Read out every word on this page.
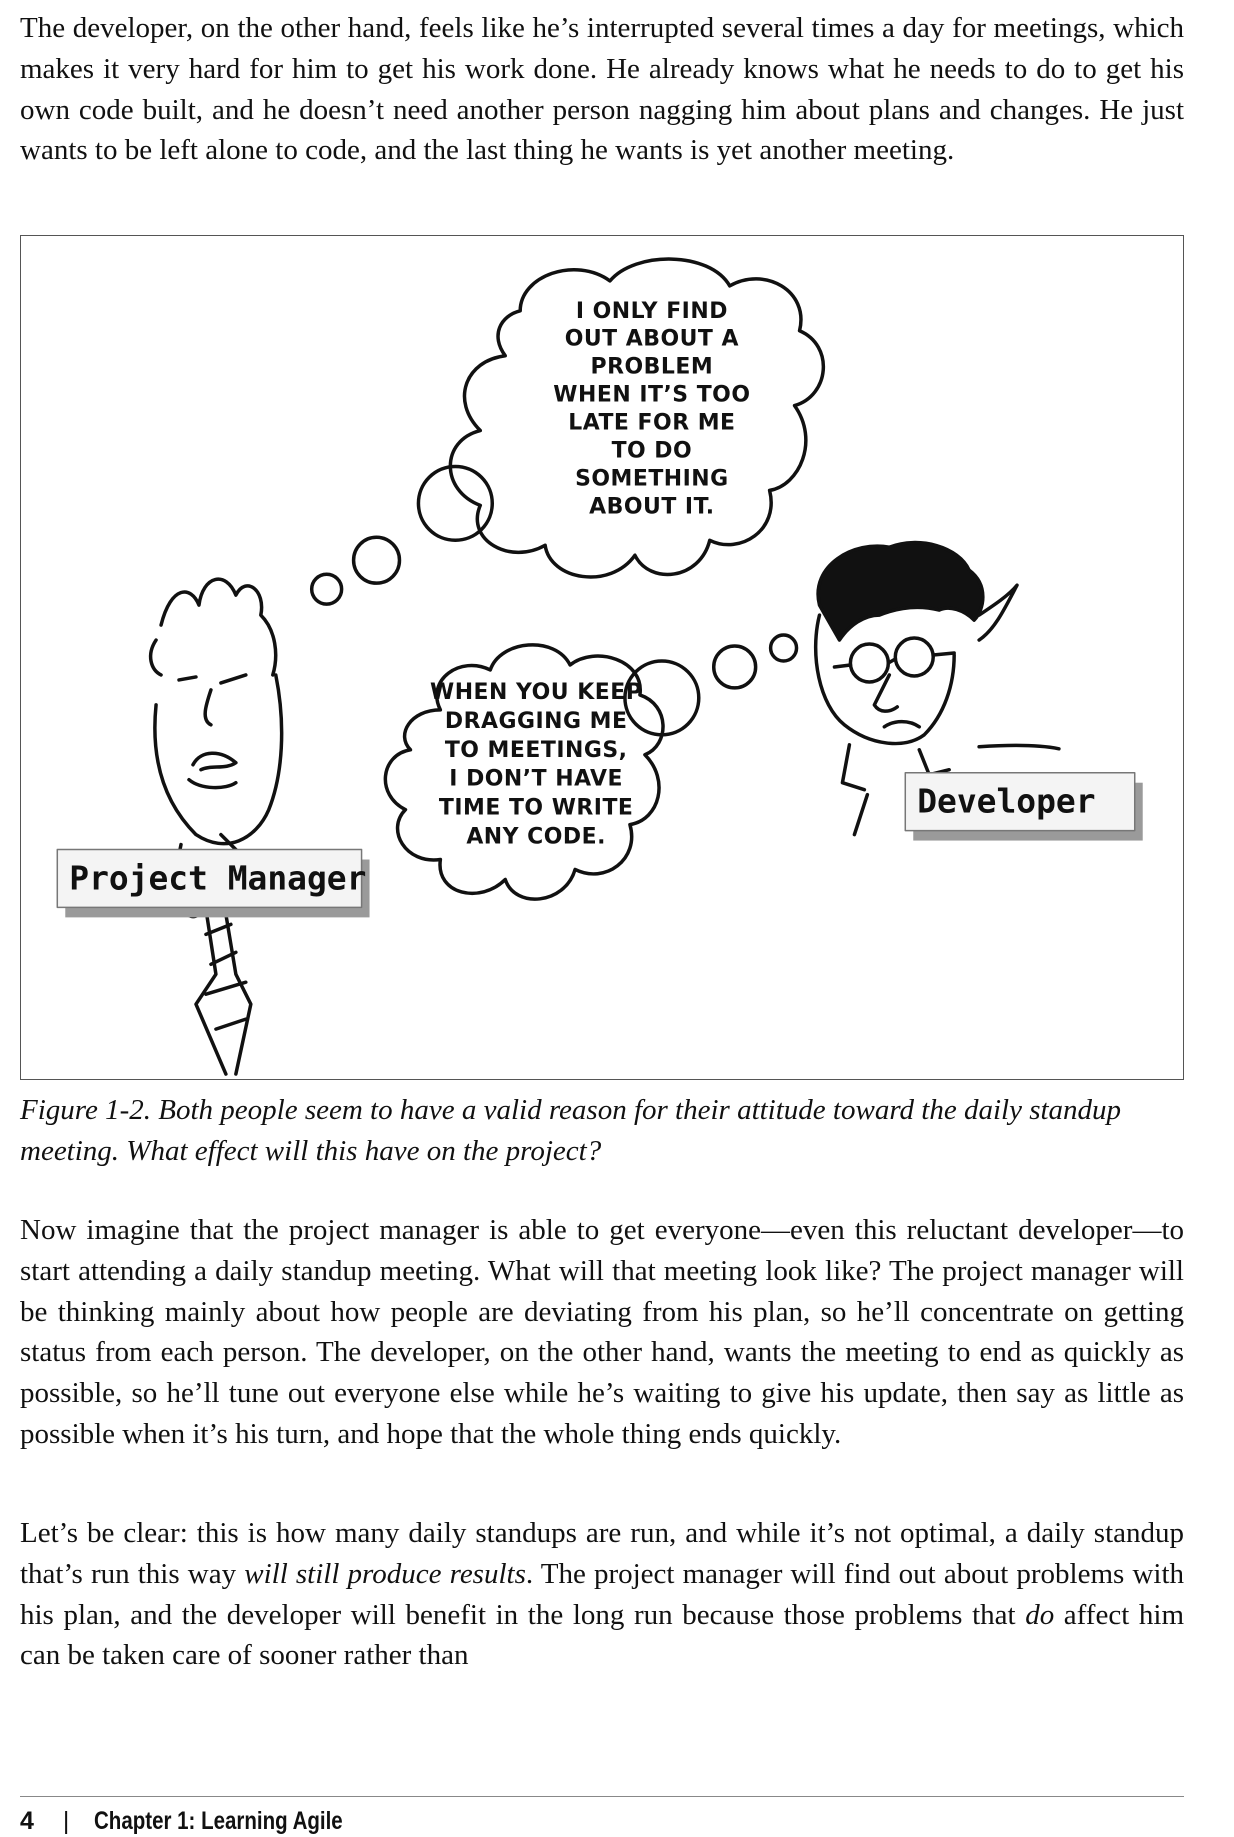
The developer, on the other hand, feels like he’s interrupted several times a day for meetings, which makes it very hard for him to get his work done. He already knows what he needs to do to get his own code built, and he doesn’t need another person nagging him about plans and changes. He just wants to be left alone to code, and the last thing he wants is yet another meeting.

I ONLY FIND
OUT ABOUT A
PROBLEM
WHEN IT’S TOO
LATE FOR ME
TO DO
SOMETHING
ABOUT IT.
WHEN YOU KEEP
DRAGGING ME
TO MEETINGS,
I DON’T HAVE
TIME TO WRITE
ANY CODE.
Project Manager
Developer

Figure 1-2. Both people seem to have a valid reason for their attitude toward the daily standup meeting. What effect will this have on the project?

Now imagine that the project manager is able to get everyone—even this reluctant developer—to start attending a daily standup meeting. What will that meeting look like? The project manager will be thinking mainly about how people are deviating from his plan, so he’ll concentrate on getting status from each person. The developer, on the other hand, wants the meeting to end as quickly as possible, so he’ll tune out everyone else while he’s waiting to give his update, then say as little as possible when it’s his turn, and hope that the whole thing ends quickly.

Let’s be clear: this is how many daily standups are run, and while it’s not optimal, a daily standup that’s run this way will still produce results. The project manager will find out about problems with his plan, and the developer will benefit in the long run because those problems that do affect him can be taken care of sooner rather than

4 | Chapter 1: Learning Agile
